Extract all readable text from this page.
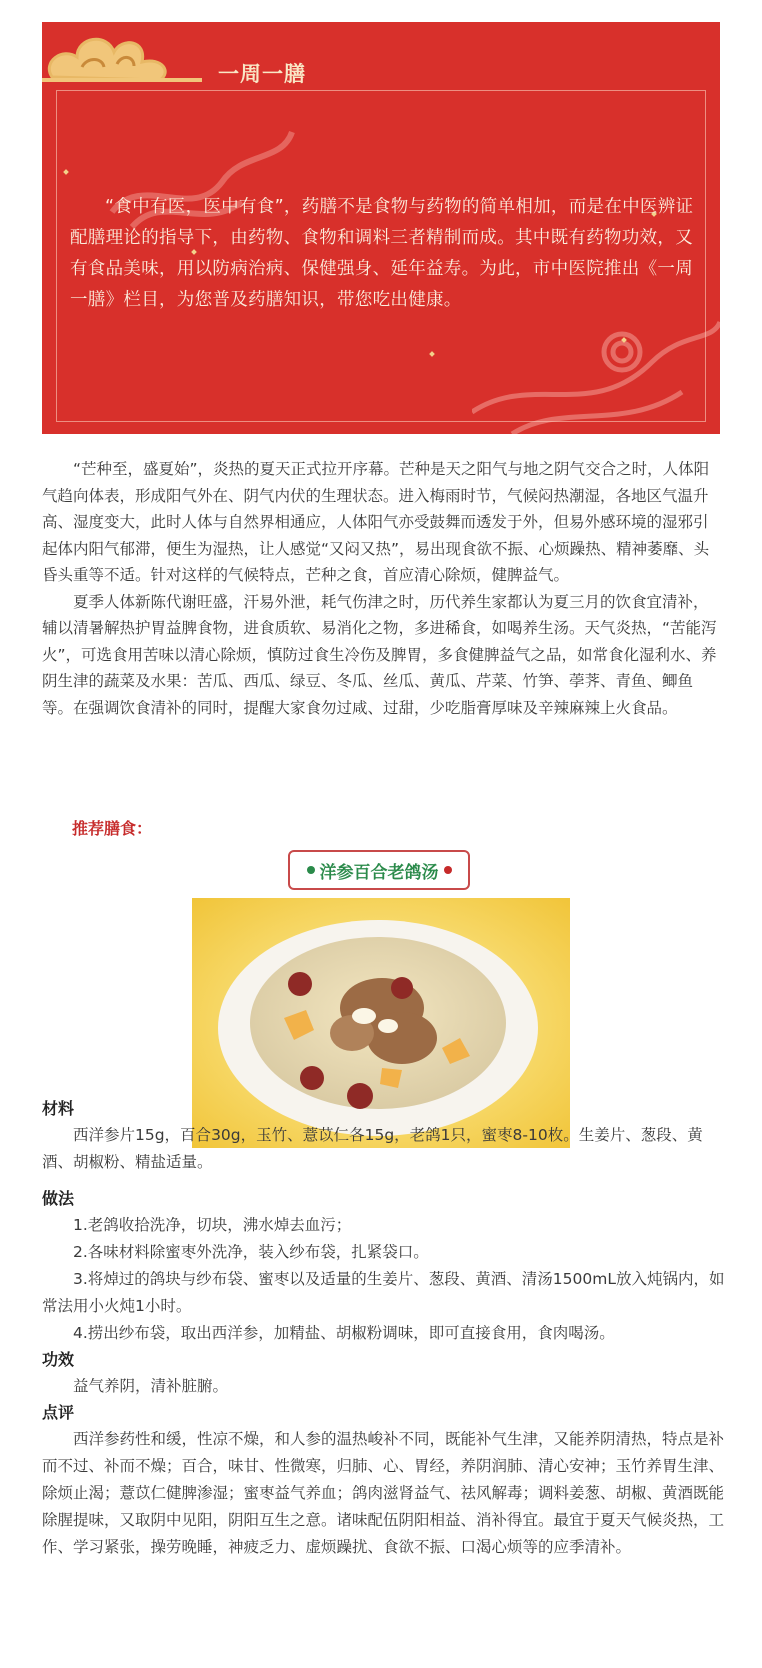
一周一膳

“食中有医，医中有食”，药膳不是食物与药物的简单相加，而是在中医辨证配膳理论的指导下，由药物、食物和调料三者精制而成。其中既有药物功效，又有食品美味，用以防病治病、保健强身、延年益寿。为此，市中医院推出《一周一膳》栏目，为您普及药膳知识，带您吃出健康。

“芒种至，盛夏始”，炎热的夏天正式拉开序幕。芒种是天之阳气与地之阴气交合之时，人体阳气趋向体表，形成阳气外在、阴气内伏的生理状态。进入梅雨时节，气候闷热潮湿，各地区气温升高、湿度变大，此时人体与自然界相通应，人体阳气亦受鼓舞而透发于外，但易外感环境的湿邪引起体内阳气郁滞，便生为湿热，让人感觉“又闷又热”，易出现食欲不振、心烦躁热、精神萎靡、头昏头重等不适。针对这样的气候特点，芒种之食，首应清心除烦，健脾益气。

夏季人体新陈代谢旺盛，汗易外泄，耗气伤津之时，历代养生家都认为夏三月的饮食宜清补，辅以清暑解热护胃益脾食物，进食质软、易消化之物，多进稀食，如喝养生汤。天气炎热，“苦能泻火”，可选食用苦味以清心除烦，慎防过食生冷伤及脾胃，多食健脾益气之品，如常食化湿利水、养阴生津的蔬菜及水果：苦瓜、西瓜、绿豆、冬瓜、丝瓜、黄瓜、芹菜、竹笋、荸荠、青鱼、鲫鱼等。在强调饮食清补的同时，提醒大家食勿过咸、过甜，少吃脂膏厚味及辛辣麻辣上火食品。

推荐膳食：
洋参百合老鸽汤
材料

西洋参片15g，百合30g，玉竹、薏苡仁各15g，老鸽1只，蜜枣8-10枚。生姜片、葱段、黄酒、胡椒粉、精盐适量。

做法

1.老鸽收拾洗净，切块，沸水焯去血污；

2.各味材料除蜜枣外洗净，装入纱布袋，扎紧袋口。

3.将焯过的鸽块与纱布袋、蜜枣以及适量的生姜片、葱段、黄酒、清汤1500mL放入炖锅内，如常法用小火炖1小时。

4.捞出纱布袋，取出西洋参，加精盐、胡椒粉调味，即可直接食用，食肉喝汤。

功效

益气养阴，清补脏腑。

点评

西洋参药性和缓，性凉不燥，和人参的温热峻补不同，既能补气生津，又能养阴清热，特点是补而不过、补而不燥；百合，味甘、性微寒，归肺、心、胃经，养阴润肺、清心安神；玉竹养胃生津、除烦止渴；薏苡仁健脾渗湿；蜜枣益气养血；鸽肉滋肾益气、祛风解毒；调料姜葱、胡椒、黄酒既能除腥提味，又取阴中见阳，阴阳互生之意。诸味配伍阴阳相益、消补得宜。最宜于夏天气候炎热，工作、学习紧张，操劳晚睡，神疲乏力、虚烦躁扰、食欲不振、口渴心烦等的应季清补。
